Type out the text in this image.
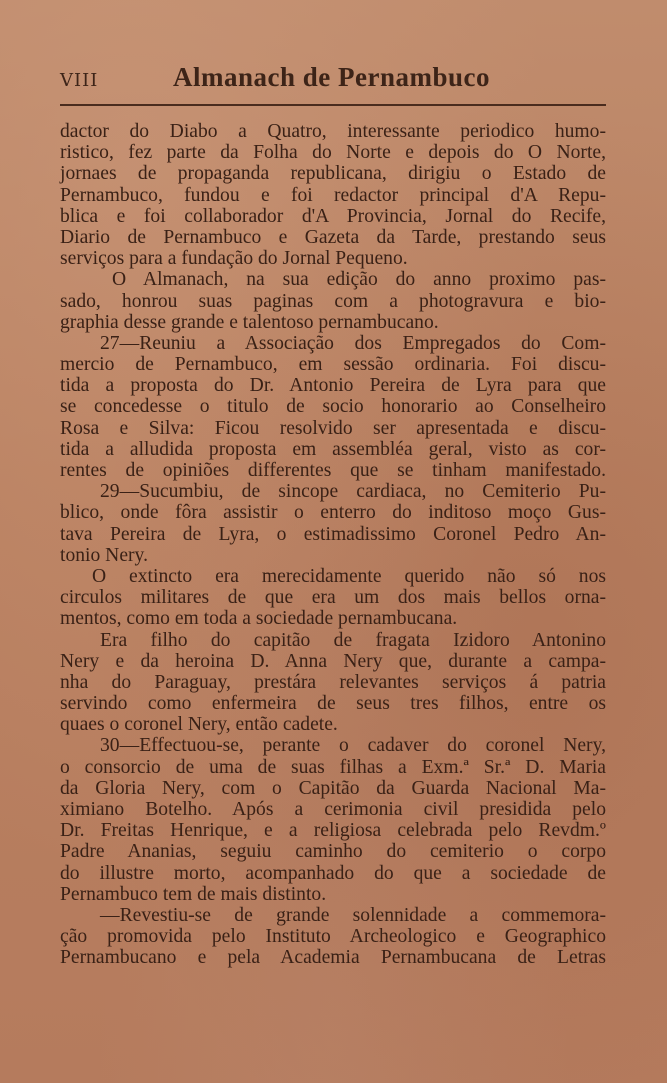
VIII	Almanach de Pernambuco
dactor do Diabo a Quatro, interessante periodico humo-
ristico, fez parte da Folha do Norte e depois do O Norte,
jornaes de propaganda republicana, dirigiu o Estado de
Pernambuco, fundou e foi redactor principal d'A Repu-
blica e foi collaborador d'A Provincia, Jornal do Recife,
Diario de Pernambuco e Gazeta da Tarde, prestando seus
serviços para a fundação do Jornal Pequeno.
O Almanach, na sua edição do anno proximo pas-
sado, honrou suas paginas com a photogravura e bio-
graphia desse grande e talentoso pernambucano.
27—Reuniu a Associação dos Empregados do Com-
mercio de Pernambuco, em sessão ordinaria. Foi discu-
tida a proposta do Dr. Antonio Pereira de Lyra para que
se concedesse o titulo de socio honorario ao Conselheiro
Rosa e Silva: Ficou resolvido ser apresentada e discu-
tida a alludida proposta em assembléa geral, visto as cor-
rentes de opiniões differentes que se tinham manifestado.
29—Sucumbiu, de sincope cardiaca, no Cemiterio Pu-
blico, onde fôra assistir o enterro do inditoso moço Gus-
tava Pereira de Lyra, o estimadissimo Coronel Pedro An-
tonio Nery.
O extincto era merecidamente querido não só nos
circulos militares de que era um dos mais bellos orna-
mentos, como em toda a sociedade pernambucana.
Era filho do capitão de fragata Izidoro Antonino
Nery e da heroina D. Anna Nery que, durante a campa-
nha do Paraguay, prestára relevantes serviços á patria
servindo como enfermeira de seus tres filhos, entre os
quaes o coronel Nery, então cadete.
30—Effectuou-se, perante o cadaver do coronel Nery,
o consorcio de uma de suas filhas a Exm.ª Sr.ª D. Maria
da Gloria Nery, com o Capitão da Guarda Nacional Ma-
ximiano Botelho. Após a cerimonia civil presidida pelo
Dr. Freitas Henrique, e a religiosa celebrada pelo Revdm.º
Padre Ananias, seguiu caminho do cemiterio o corpo
do illustre morto, acompanhado do que a sociedade de
Pernambuco tem de mais distinto.
—Revestiu-se de grande solennidade a commemora-
ção promovida pelo Instituto Archeologico e Geographico
Pernambucano e pela Academia Pernambucana de Letras
